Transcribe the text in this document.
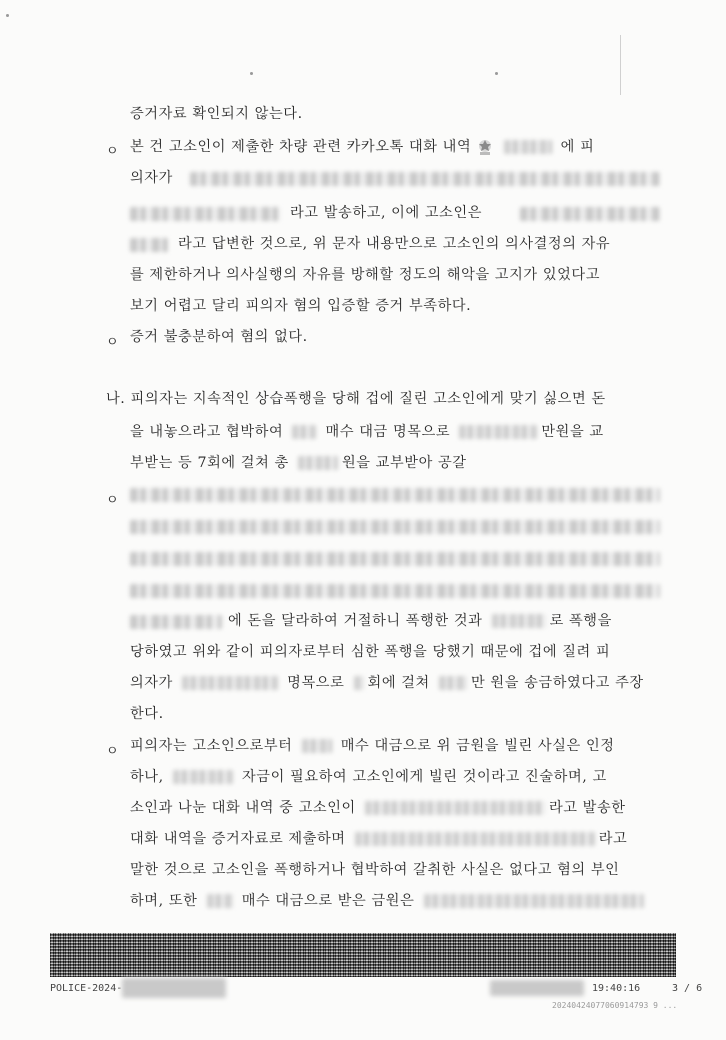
증거자료 확인되지 않는다.
ㅇ 본 건 고소인이 제출한 차량 관련 카카오톡 대화 내역	에 피
의자가
라고 발송하고, 이에 고소인은
라고 답변한 것으로, 위 문자 내용만으로 고소인의 의사결정의 자유
를 제한하거나 의사실행의 자유를 방해할 정도의 해악을 고지가 있었다고
보기 어렵고 달리 피의자 혐의 입증할 증거 부족하다.
ㅇ 증거 불충분하여 혐의 없다.
나. 피의자는 지속적인 상습폭행을 당해 겁에 질린 고소인에게 맞기 싫으면 돈
을 내놓으라고 협박하여	매수 대금 명목으로	만원을 교
부받는 등 7회에 걸쳐 총	원을 교부받아 공갈
ㅇ
에 돈을 달라하여 거절하니 폭행한 것과	로 폭행을
당하였고 위와 같이 피의자로부터 심한 폭행을 당했기 때문에 겁에 질려 피
의자가	명목으로 회에 걸쳐	만 원을 송금하였다고 주장
한다.
ㅇ 피의자는 고소인으로부터	매수 대금으로 위 금원을 빌린 사실은 인정
하나,	자금이 필요하여 고소인에게 빌린 것이라고 진술하며, 고
소인과 나눈 대화 내역 중 고소인이	라고 발송한
대화 내역을 증거자료로 제출하며	라고
말한 것으로 고소인을 폭행하거나 협박하여 갈취한 사실은 없다고 혐의 부인
하며, 또한	매수 대금으로 받은 금원은
POLICE-2024-	19:40:16	3 / 6
20240424077060914793 9 ...
